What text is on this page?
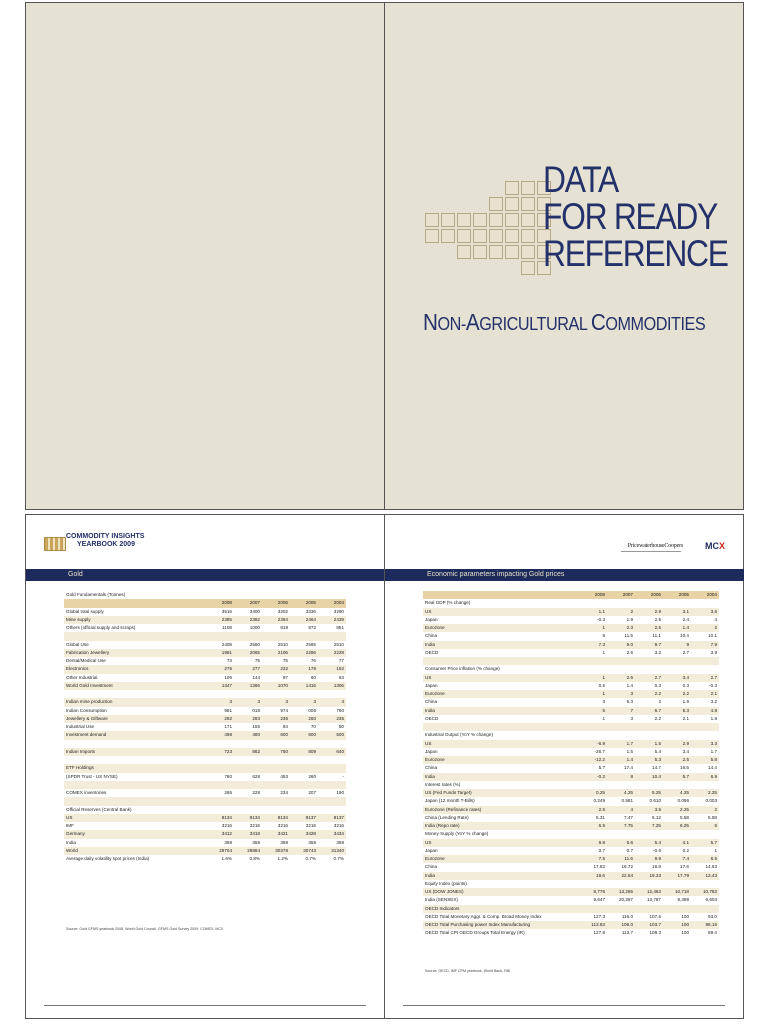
DATA
FOR READY
REFERENCE
NON-AGRICULTURAL COMMODITIES
COMMODITY INSIGHTS
YEARBOOK 2009
Gold
Gold Fundamentals (Tonnes)					
	2008	2007	2006	2005	2004
Global total supply	3516	3400	3202	3336	3290
Mine supply	2385	2382	2364	2464	2439
Others (official supply and scraps)	1108	1000	818	872	851

Global Use	2408	2580	2510	2565	2510
Fabrication Jewellery	1981	2065	2106	2286	2228
Dental/Medical Use	73	75	75	76	77
Electronics	275	277	232	178	152
Other Industrial	106	144	97	60	63
World Gold Investment	1347	1366	1070	1416	1306

Indian mine production	3	3	3	3	4
Indian Consumption	981	018	974	006	790
Jewellery & Giftware	292	283	236	260	235
Industrial Use	171	155	84	70	50
Investment demand	498	480	600	600	500

Indian Imports	723	862	750	809	640

ETF Holdings					
(SPDR Trust - US NYSE)	780	628	453	260	-

COMEX inventories	265	228	234	207	190

Official Reserves (Central Bank)					
US	8134	8134	8134	8137	8137
IMF	3216	3216	3216	3216	3216
Germany	3412	3418	3421	3428	3434
India	358	358	358	358	358
World	29704	29884	30378	30743	31340
Average daily volatility spot prices (India)	1.6%	0.8%	1.2%	0.7%	0.7%
Source: Gold GFMS yearbook 2008, World Gold Council, GFMS Gold Survey 2009, COMEX, MCX
PricewaterhouseCoopers MCX
Economic parameters impacting Gold prices
	2008	2007	2006	2005	2004
Real GDP (% change)					
US	1.1	2	2.9	3.1	3.6
Japan	-0.3	1.9	2.5	2.4	4
Eurozone	1	2.3	2.5	1.4	2
China	8	11.5	11.1	10.4	10.1
India	7.3	9.0	9.7	9	7.9
OECD	1	2.6	3.2	2.7	3.9

Consumer Price inflation (% change)					
US	1	2.5	2.7	3.4	2.7
Japan	0.5	1.4	0.3	0.3	-0.3
Eurozone	1	3	2.2	2.2	2.1
China	3	5.3	2	1.9	3.2
India	5	7	6.7	5.3	4.8
OECD	1	3	2.2	2.1	1.8

Industrial Output (YoY % change)					
US	-6.9	1.7	1.5	2.9	3.3
Japan	-26.7	1.5	5.4	3.4	1.7
Eurozone	-12.2	1.4	5.3	2.5	5.8
China	5.7	17.4	14.7	16.5	14.4
India	-0.2	8	10.4	5.7	6.9
Interest rates (%)					
US (Fed Funds Target)	0.25	4.25	5.25	4.25	2.25
Japan (12 month T-Bills)	0.249	0.581	0.610	0.086	0.003
Eurozone (Refinance rates)	2.5	4	3.5	2.25	2
China (Lending Rate)	5.31	7.47	6.12	5.58	5.58
India (Repo rate)	6.5	7.75	7.25	6.25	6
Money Supply (YoY % change)					
US	9.8	5.6	5.4	4.1	5.7
Japan	0.7	0.7	-0.6	0.2	1
Eurozone	7.5	11.6	9.9	7.4	6.5
China	17.82	16.72	16.9	17.6	14.63
India	19.6	22.64	19.33	17.79	13.43
Equity Index (points)					
US (DOW JONES)	8,776	13,265	12,463	10,718	10,783
India (SENSEX)	9,647	20,287	13,787	9,398	6,603
OECD Indicators					
OECD Total Monetary Aggr. & Comp. Broad Money Index	127.3	116.0	107.6	100	93.0
OECD Total Purchasing power Index Manufacturing	113.83	106.0	103.7	100	98.16
OECD Total CPI OECD Groups Total Energy (IR)	127.8	113.7	109.3	100	89.4
Source: OECD, IMF CPM yearbook, World Bank, RBI
